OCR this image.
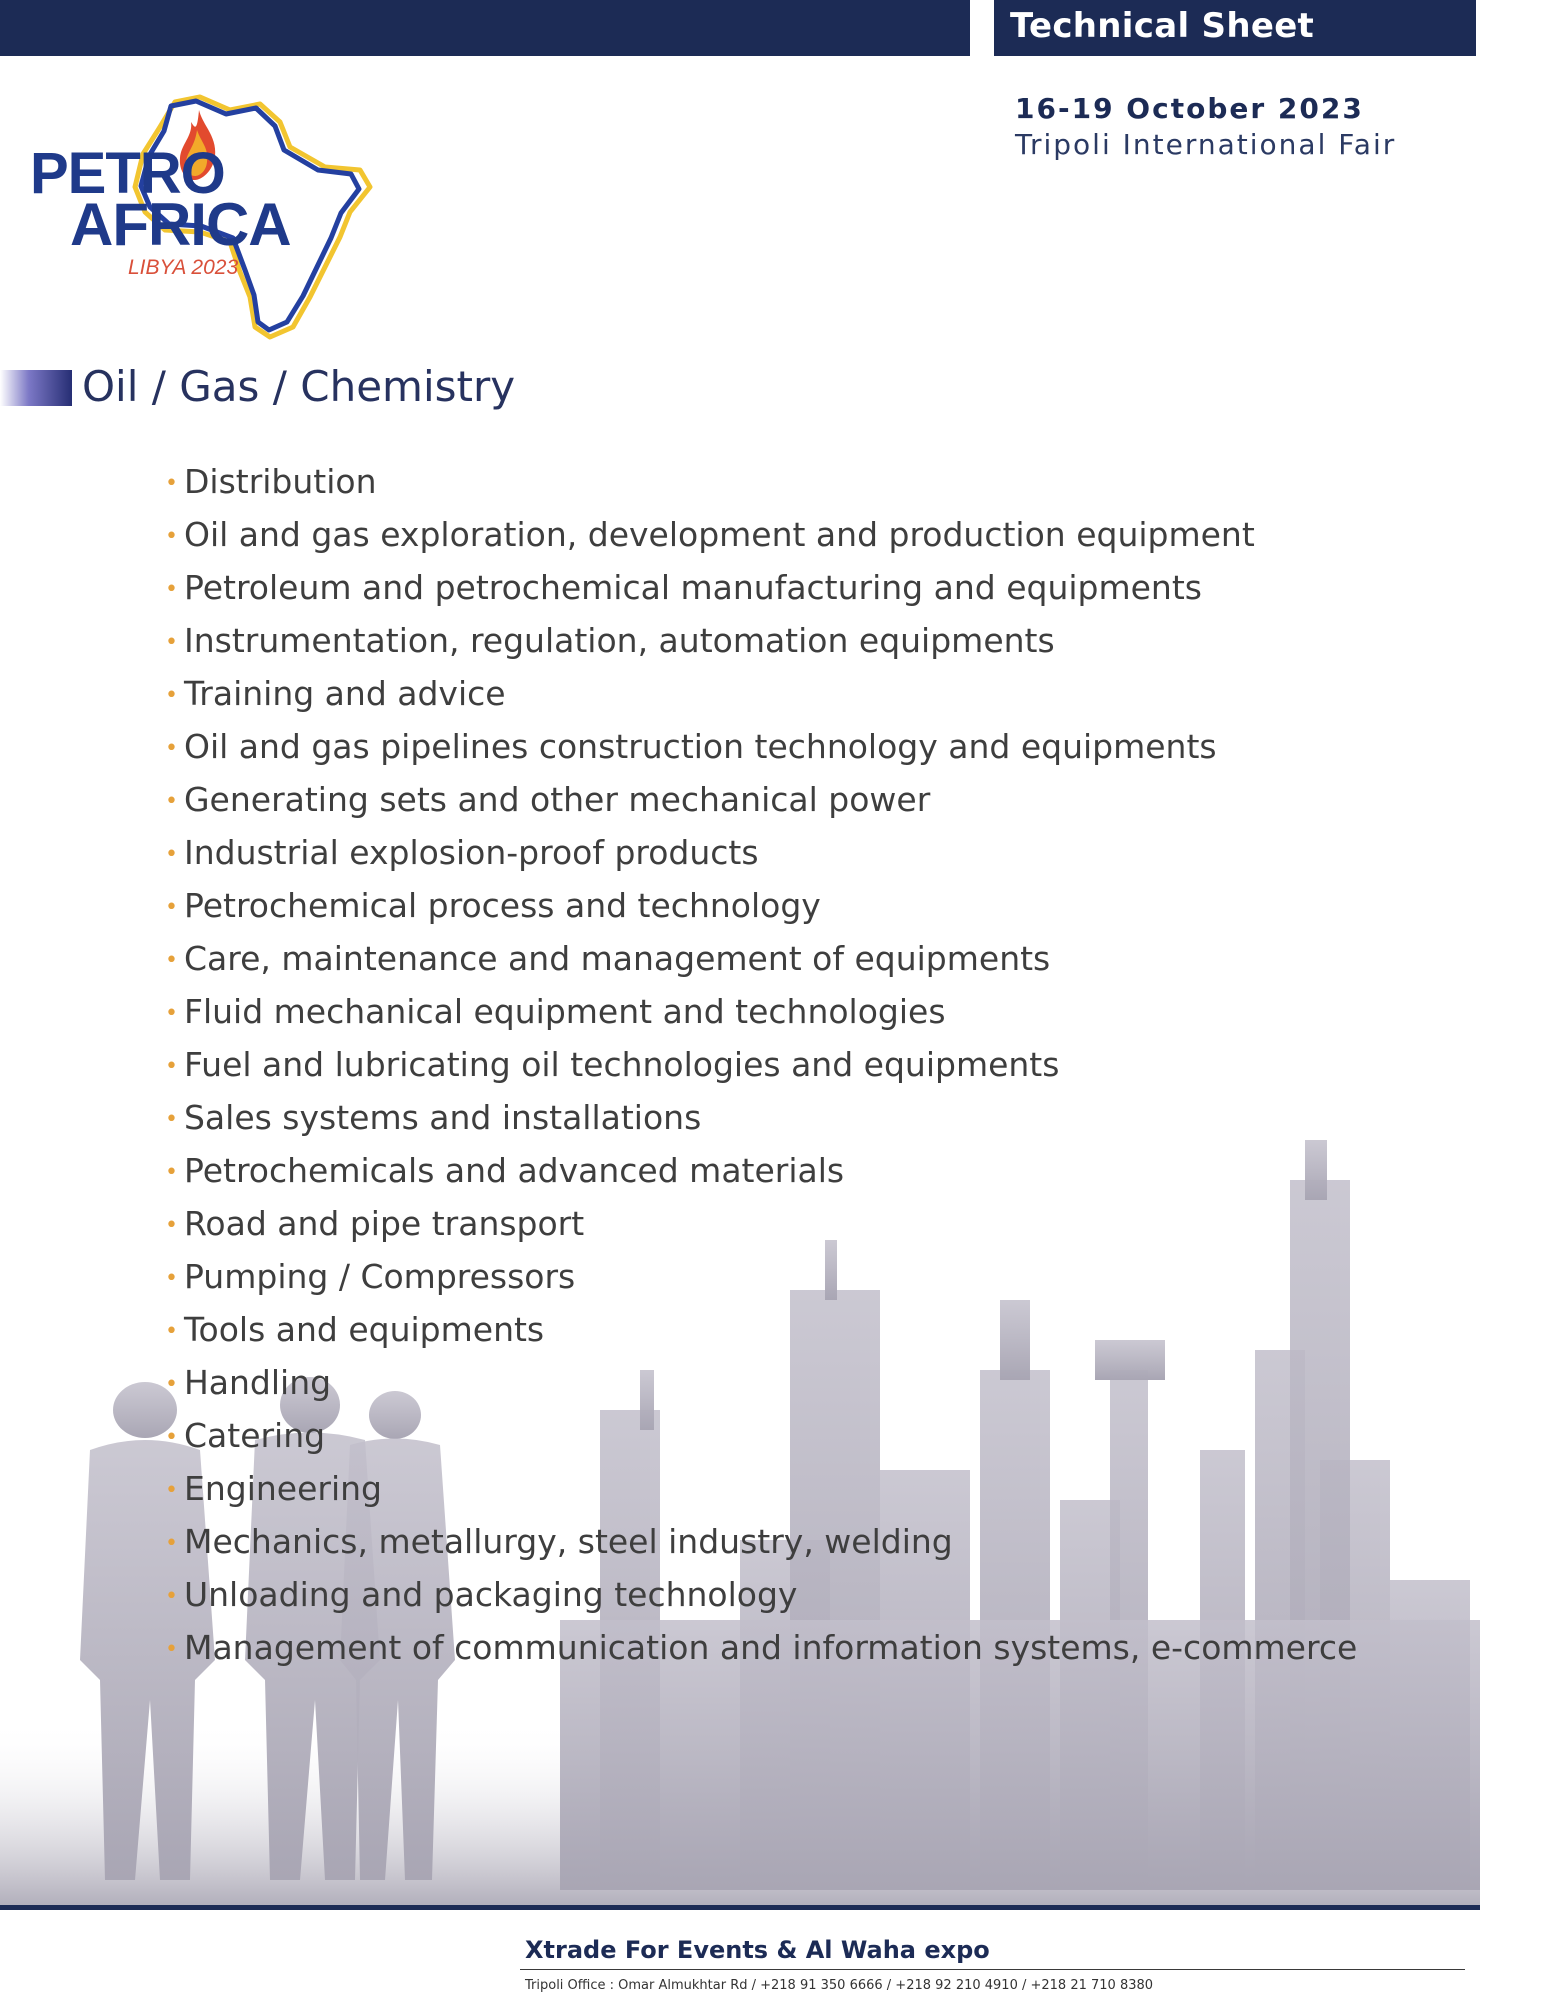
Technical Sheet
16-19 October 2023
Tripoli International Fair
PETRO
AFRICA
LIBYA 2023
Oil / Gas / Chemistry
• Distribution
• Oil and gas exploration, development and production equipment
• Petroleum and petrochemical manufacturing and equipments
• Instrumentation, regulation, automation equipments
• Training and advice
• Oil and gas pipelines construction technology and equipments
• Generating sets and other mechanical power
• Industrial explosion-proof products
• Petrochemical process and technology
• Care, maintenance and management of equipments
• Fluid mechanical equipment and technologies
• Fuel and lubricating oil technologies and equipments
• Sales systems and installations
• Petrochemicals and advanced materials
• Road and pipe transport
• Pumping / Compressors
• Tools and equipments
• Handling
• Catering
• Engineering
• Mechanics, metallurgy, steel industry, welding
• Unloading and packaging technology
• Management of communication and information systems, e-commerce
Xtrade For Events & Al Waha expo
Tripoli Office : Omar Almukhtar Rd / +218 91 350 6666 / +218 92 210 4910 / +218 21 710 8380
